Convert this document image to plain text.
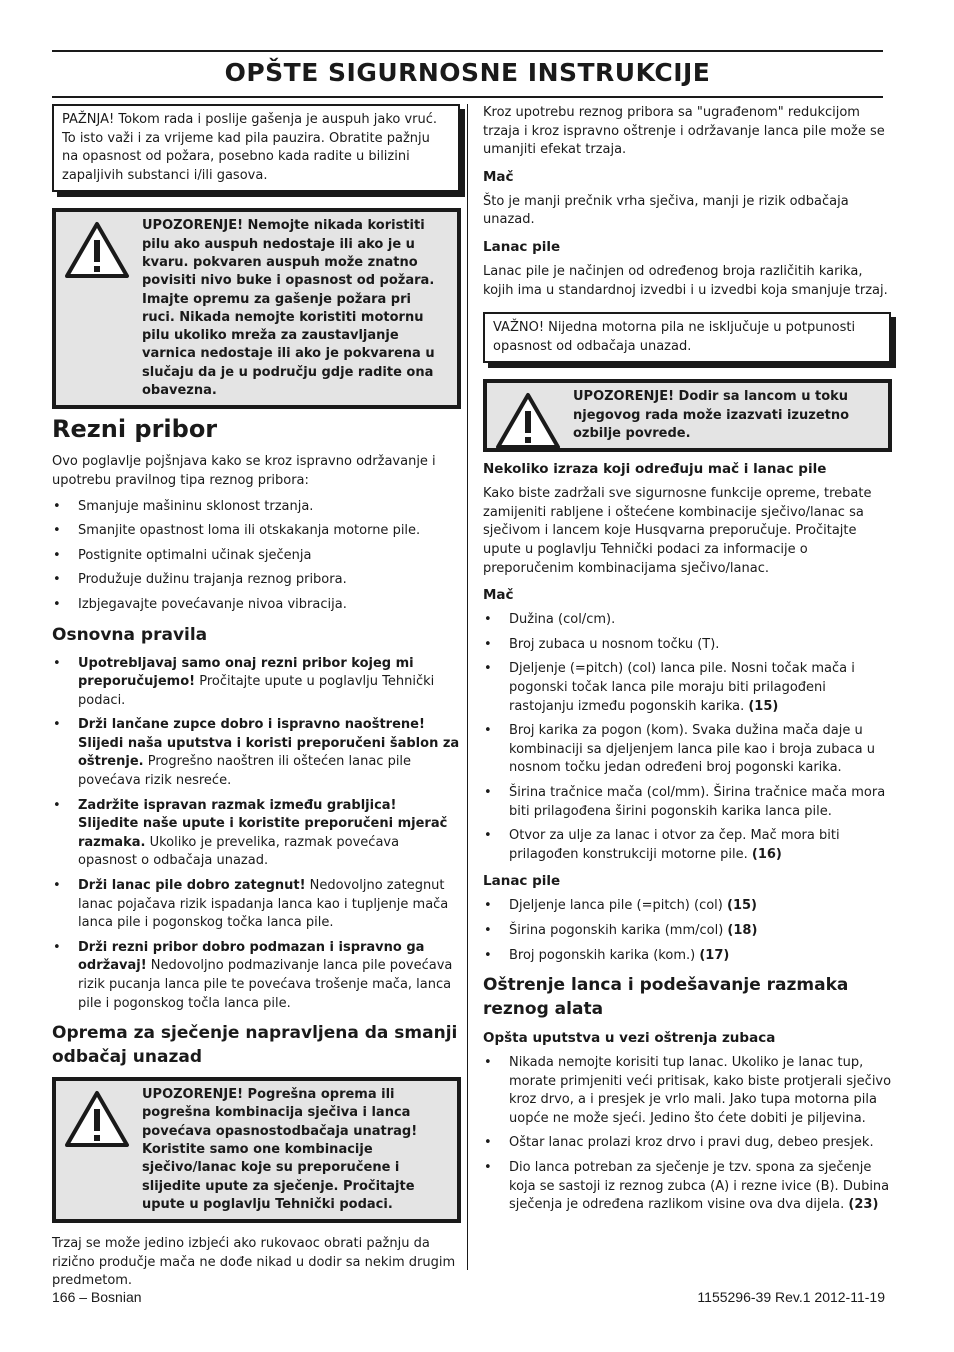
OPŠTE SIGURNOSNE INSTRUKCIJE
PAŽNJA! Tokom rada i poslije gašenja je auspuh jako vruć. To isto važi i za vrijeme kad pila pauzira. Obratite pažnju na opasnost od požara, posebno kada radite u bilizini zapaljivih substanci i/ili gasova.
UPOZORENJE! Nemojte nikada koristiti pilu ako auspuh nedostaje ili ako je u kvaru. pokvaren auspuh može znatno povisiti nivo buke i opasnost od požara. Imajte opremu za gašenje požara pri ruci. Nikada nemojte koristiti motornu pilu ukoliko mreža za zaustavljanje varnica nedostaje ili ako je pokvarena u slučaju da je u području gdje radite ona obavezna.
Rezni pribor
Ovo poglavlje pojšnjava kako se kroz ispravno održavanje i upotrebu pravilnog tipa reznog pribora:
• Smanjuje mašininu sklonost trzanja.
• Smanjite opastnost loma ili otskakanja motorne pile.
• Postignite optimalni učinak sječenja
• Produžuje dužinu trajanja reznog pribora.
• Izbjegavajte povećavanje nivoa vibracija.
Osnovna pravila
• Upotrebljavaj samo onaj rezni pribor kojeg mi preporučujemo! Pročitajte upute u poglavlju Tehnički podaci.
• Drži lančane zupce dobro i ispravno naoštrene! Slijedi naša uputstva i koristi preporučeni šablon za oštrenje. Progrešno naoštren ili oštećen lanac pile povećava rizik nesreće.
• Zadržite ispravan razmak između grabljica! Slijedite naše upute i koristite preporučeni mjerač razmaka. Ukoliko je prevelika, razmak povećava opasnost o odbačaja unazad.
• Drži lanac pile dobro zategnut! Nedovoljno zategnut lanac pojačava rizik ispadanja lanca kao i tupljenje mača lanca pile i pogonskog točka lanca pile.
• Drži rezni pribor dobro podmazan i ispravno ga održavaj! Nedovoljno podmazivanje lanca pile povećava rizik pucanja lanca pile te povećava trošenje mača, lanca pile i pogonskog točla lanca pile.
Oprema za sječenje napravljena da smanji odbačaj unazad
UPOZORENJE! Pogrešna oprema ili pogrešna kombinacija sječiva i lanca povećava opasnostodbačaja unatrag! Koristite samo one kombinacije sječivo/lanac koje su preporučene i slijedite upute za sječenje. Pročitajte upute u poglavlju Tehnički podaci.
Trzaj se može jedino izbjeći ako rukovaoc obrati pažnju da rizično produčje mača ne dođe nikad u dodir sa nekim drugim predmetom.
Kroz upotrebu reznog pribora sa "ugrađenom" redukcijom trzaja i kroz ispravno oštrenje i održavanje lanca pile može se umanjiti efekat trzaja.
Mač
Što je manji prečnik vrha sječiva, manji je rizik odbačaja unazad.
Lanac pile
Lanac pile je načinjen od određenog broja različitih karika, kojih ima u standardnoj izvedbi i u izvedbi koja smanjuje trzaj.
VAŽNO! Nijedna motorna pila ne isključuje u potpunosti opasnost od odbačaja unazad.
UPOZORENJE! Dodir sa lancom u toku njegovog rada može izazvati izuzetno ozbilje povrede.
Nekoliko izraza koji određuju mač i lanac pile
Kako biste zadržali sve sigurnosne funkcije opreme, trebate zamijeniti rabljene i oštećene kombinacije sječivo/lanac sa sječivom i lancem koje Husqvarna preporučuje. Pročitajte upute u poglavlju Tehnički podaci za informacije o preporučenim kombinacijama sječivo/lanac.
Mač
• Dužina (col/cm).
• Broj zubaca u nosnom točku (T).
• Djeljenje (=pitch) (col) lanca pile. Nosni točak mača i pogonski točak lanca pile moraju biti prilagođeni rastojanju između pogonskih karika. (15)
• Broj karika za pogon (kom). Svaka dužina mača daje u kombinaciji sa djeljenjem lanca pile kao i broja zubaca u nosnom točku jedan određeni broj pogonski karika.
• Širina tračnice mača (col/mm). Širina tračnice mača mora biti prilagođena širini pogonskih karika lanca pile.
• Otvor za ulje za lanac i otvor za čep. Mač mora biti prilagođen konstrukciji motorne pile. (16)
Lanac pile
• Djeljenje lanca pile (=pitch) (col) (15)
• Širina pogonskih karika (mm/col) (18)
• Broj pogonskih karika (kom.) (17)
Oštrenje lanca i podešavanje razmaka reznog alata
Opšta uputstva u vezi oštrenja zubaca
• Nikada nemojte korisiti tup lanac. Ukoliko je lanac tup, morate primjeniti veći pritisak, kako biste protjerali sječivo kroz drvo, a i presjek je vrlo mali. Jako tupa motorna pila uopće ne može sjeći. Jedino što ćete dobiti je piljevina.
• Oštar lanac prolazi kroz drvo i pravi dug, debeo presjek.
• Dio lanca potreban za sječenje je tzv. spona za sječenje koja se sastoji iz reznog zubca (A) i rezne ivice (B). Dubina sječenja je određena razlikom visine ova dva dijela. (23)
166 – Bosnian	1155296-39 Rev.1 2012-11-19
